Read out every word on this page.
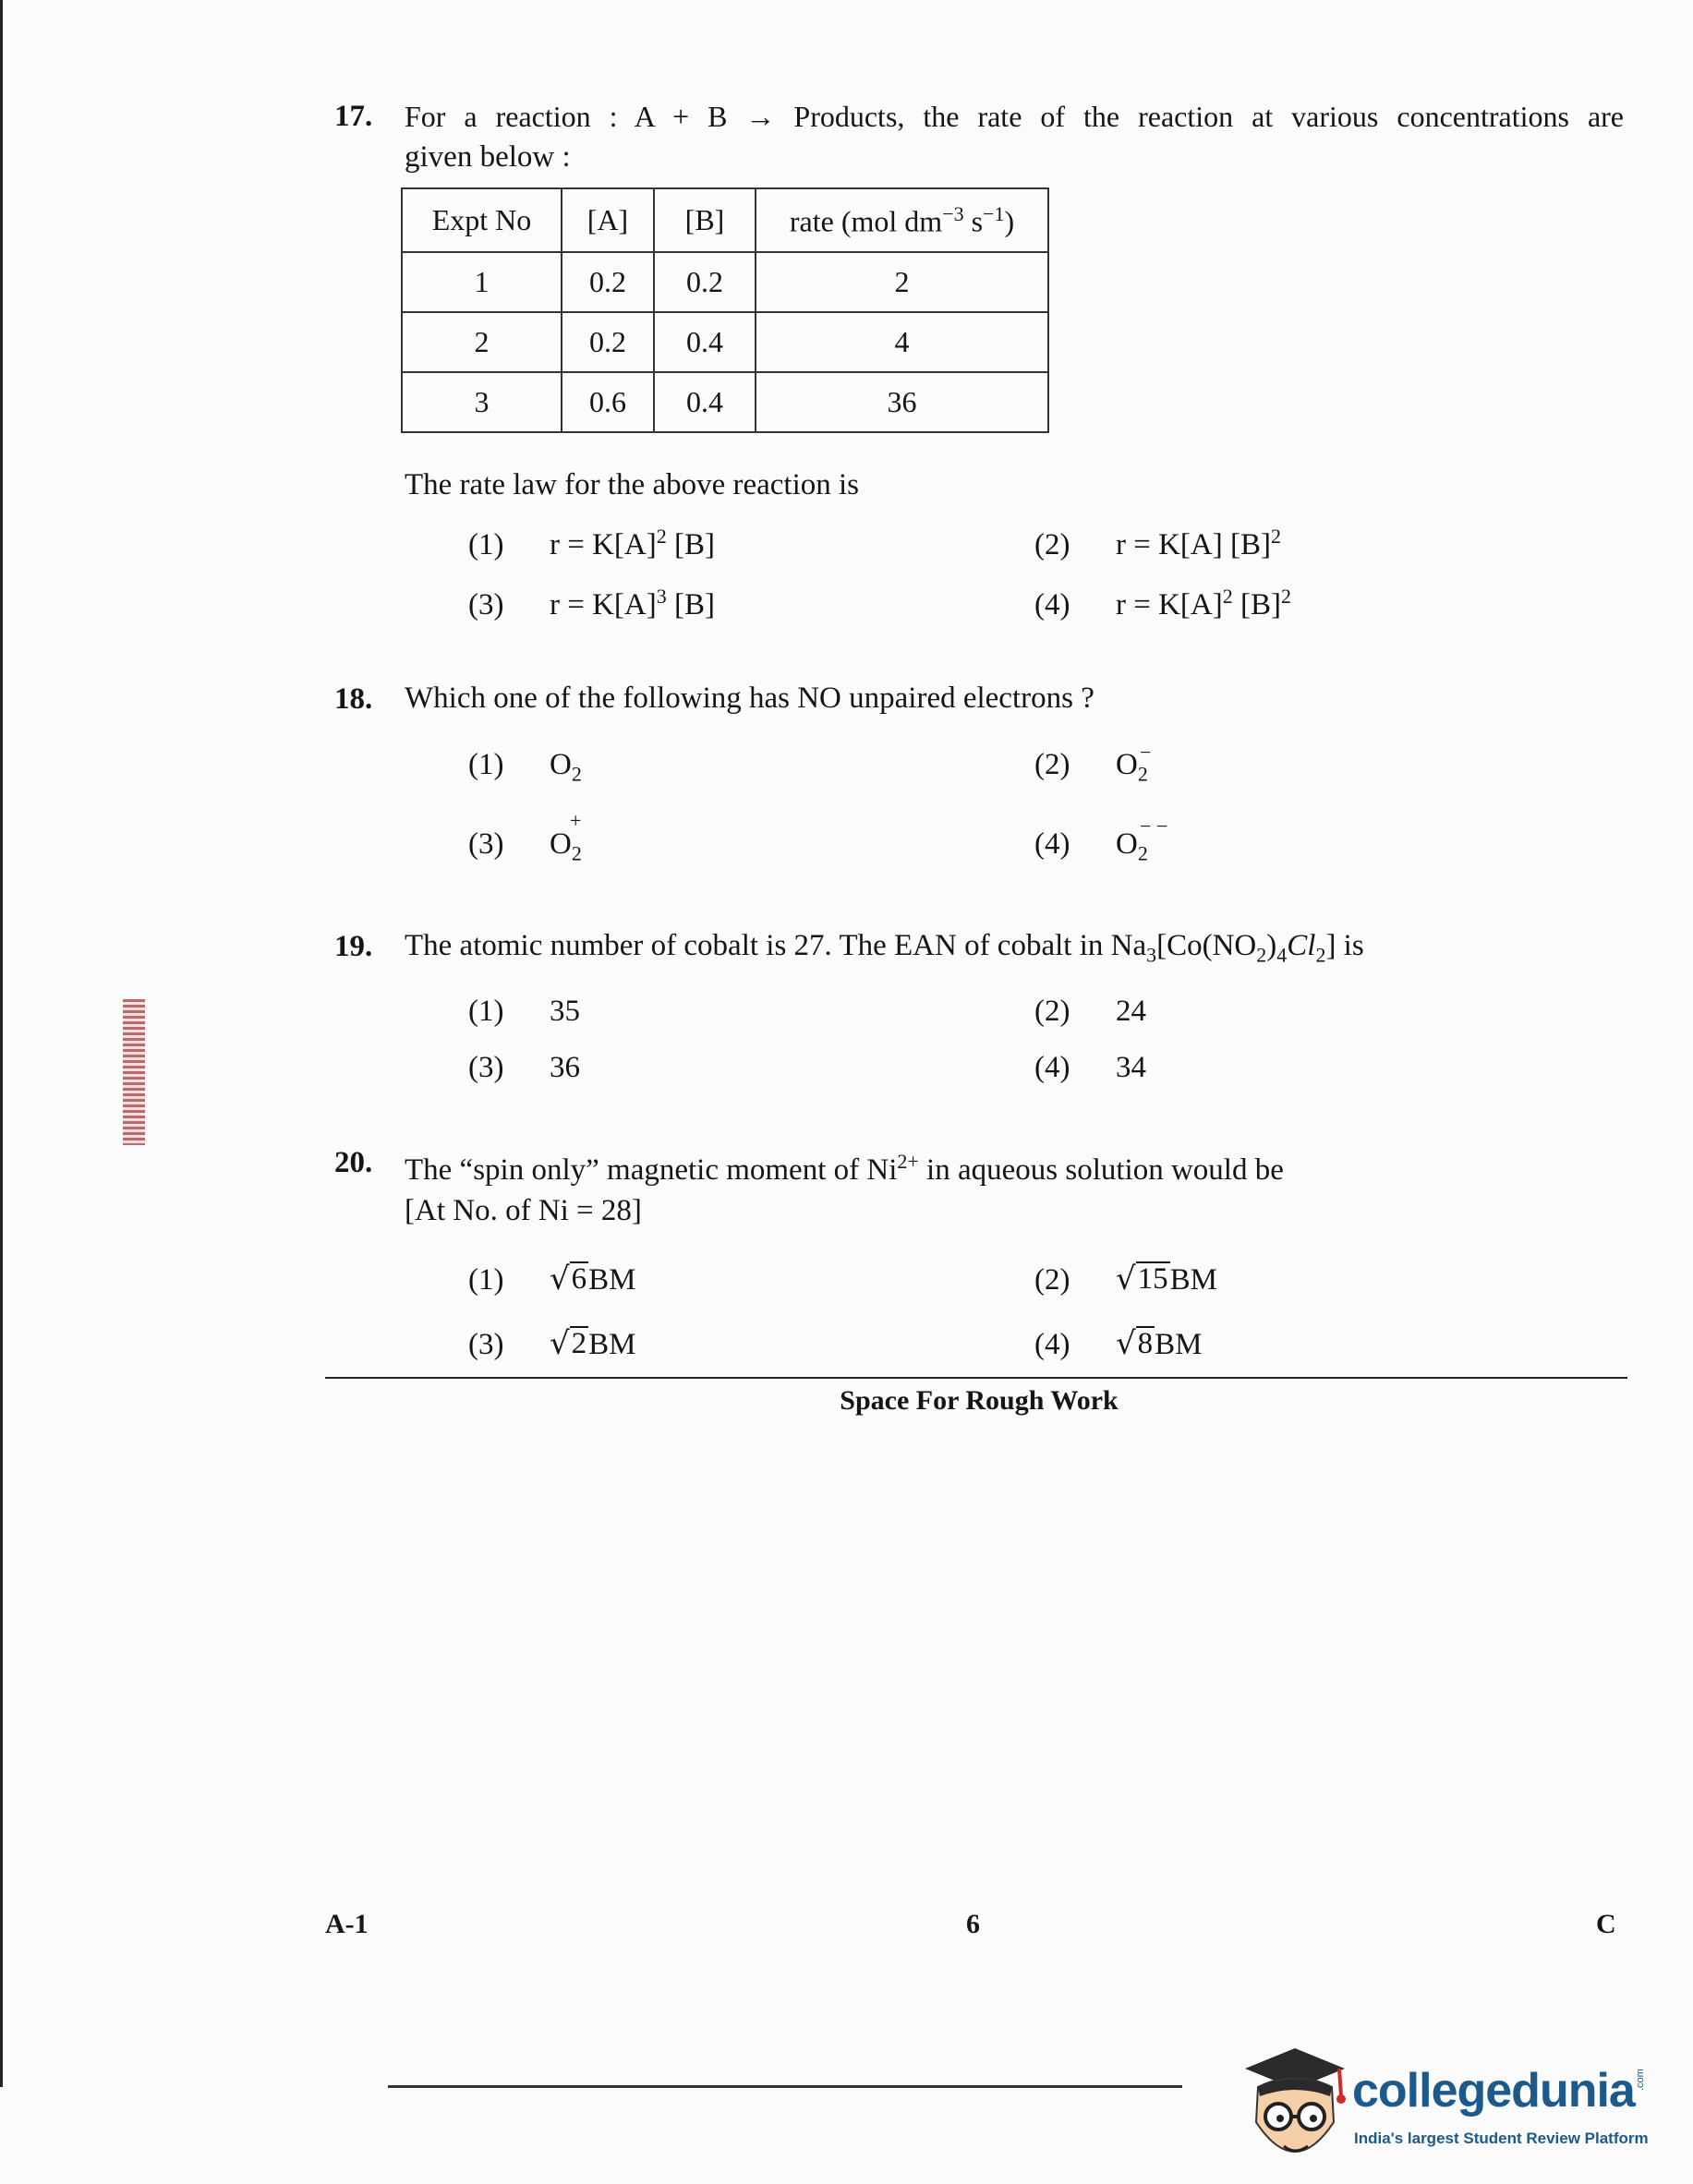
17. For a reaction : A + B → Products, the rate of the reaction at various concentrations are
given below :
Expt No	[A]	[B]	rate (mol $dm^{-3}$ $s^{-1}$)
1	0.2	0.2	2
2	0.2	0.4	4
3	0.6	0.4	36
The rate law for the above reaction is
(1) $r = K[A]^2$ [B]	(2) r = K[A] $[B]^2$
(3) $r = K[A]^3$ [B]	(4) $r = K[A]^2$ $[B]^2$
18. Which one of the following has NO unpaired electrons ?
(1) $O_2$	(2) $O_2$
−
(3) $O_2$
+
(4) $O_2$
− −
19. The atomic number of cobalt is 27. The EAN of cobalt in $Na_3[Co(NO_2)_4Cl_2]$ is
(1) 35	(2) 24
(3) 36	(4) 34
20. The “spin only” magnetic moment of $Ni^{2+}$ in aqueous solution would be
[At No. of Ni = 28]
(1) √ 6 BM	(2) √ 15 BM
(3) √ 2 BM	(4) √ 8 BM
Space For Rough Work
A-1	6	C
collegedunia .com
India's largest Student Review Platform
